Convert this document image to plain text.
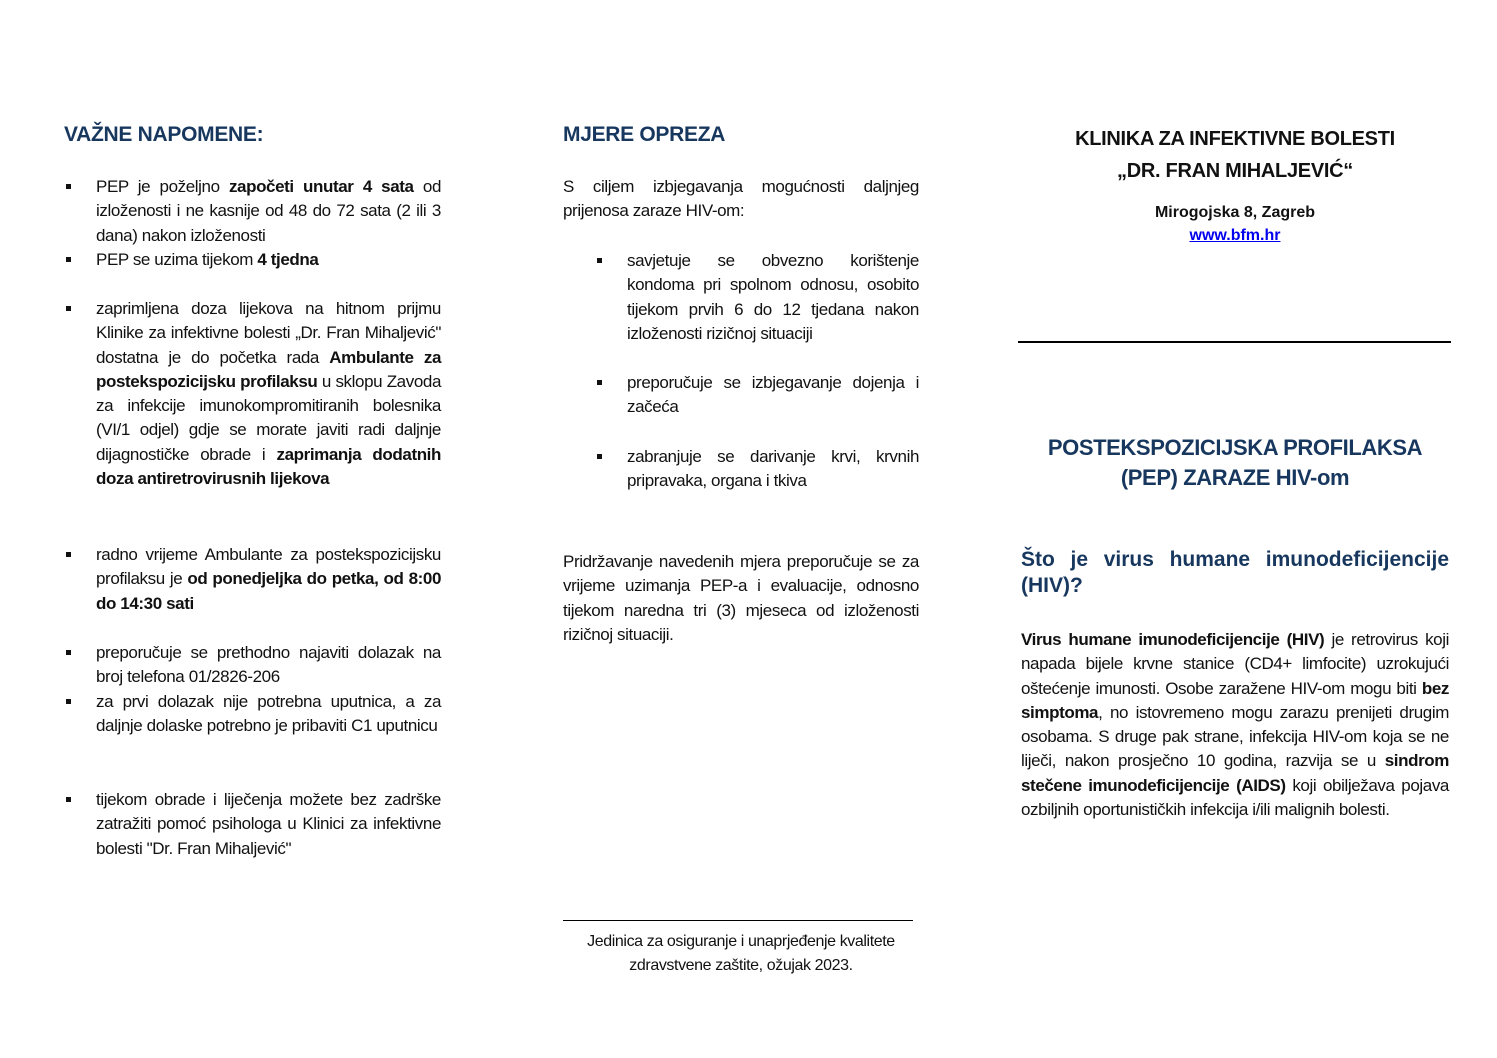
VAŽNE NAPOMENE:
PEP je poželjno započeti unutar 4 sata od izloženosti i ne kasnije od 48 do 72 sata (2 ili 3 dana) nakon izloženosti
PEP se uzima tijekom 4 tjedna
zaprimljena doza lijekova na hitnom prijmu Klinike za infektivne bolesti „Dr. Fran Mihaljević" dostatna je do početka rada Ambulante za postekspozicijsku profilaksu u sklopu Zavoda za infekcije imunokompromitiranih bolesnika (VI/1 odjel) gdje se morate javiti radi daljnje dijagnostičke obrade i zaprimanja dodatnih doza antiretrovirusnih lijekova
radno vrijeme Ambulante za postekspozicijsku profilaksu je od ponedjeljka do petka, od 8:00 do 14:30 sati
preporučuje se prethodno najaviti dolazak na broj telefona 01/2826-206
za prvi dolazak nije potrebna uputnica, a za daljnje dolaske potrebno je pribaviti C1 uputnicu
tijekom obrade i liječenja možete bez zadrške zatražiti pomoć psihologa u Klinici za infektivne bolesti "Dr. Fran Mihaljević"
MJERE OPREZA
S ciljem izbjegavanja mogućnosti daljnjeg prijenosa zaraze HIV-om:
savjetuje se obvezno korištenje kondoma pri spolnom odnosu, osobito tijekom prvih 6 do 12 tjedana nakon izloženosti rizičnoj situaciji
preporučuje se izbjegavanje dojenja i začeća
zabranjuje se darivanje krvi, krvnih pripravaka, organa i tkiva
Pridržavanje navedenih mjera preporučuje se za vrijeme uzimanja PEP-a i evaluacije, odnosno tijekom naredna tri (3) mjeseca od izloženosti rizičnoj situaciji.
Jedinica za osiguranje i unaprjeđenje kvalitete
zdravstvene zaštite, ožujak 2023.
KLINIKA ZA INFEKTIVNE BOLESTI
„DR. FRAN MIHALJEVIĆ“
Mirogojska 8, Zagreb
www.bfm.hr
POSTEKSPOZICIJSKA PROFILAKSA
(PEP) ZARAZE HIV-om
Što je virus humane imunodeficijencije (HIV)?
Virus humane imunodeficijencije (HIV) je retrovirus koji napada bijele krvne stanice (CD4+ limfocite) uzrokujući oštećenje imunosti. Osobe zaražene HIV-om mogu biti bez simptoma, no istovremeno mogu zarazu prenijeti drugim osobama. S druge pak strane, infekcija HIV-om koja se ne liječi, nakon prosječno 10 godina, razvija se u sindrom stečene imunodeficijencije (AIDS) koji obilježava pojava ozbiljnih oportunističkih infekcija i/ili malignih bolesti.
